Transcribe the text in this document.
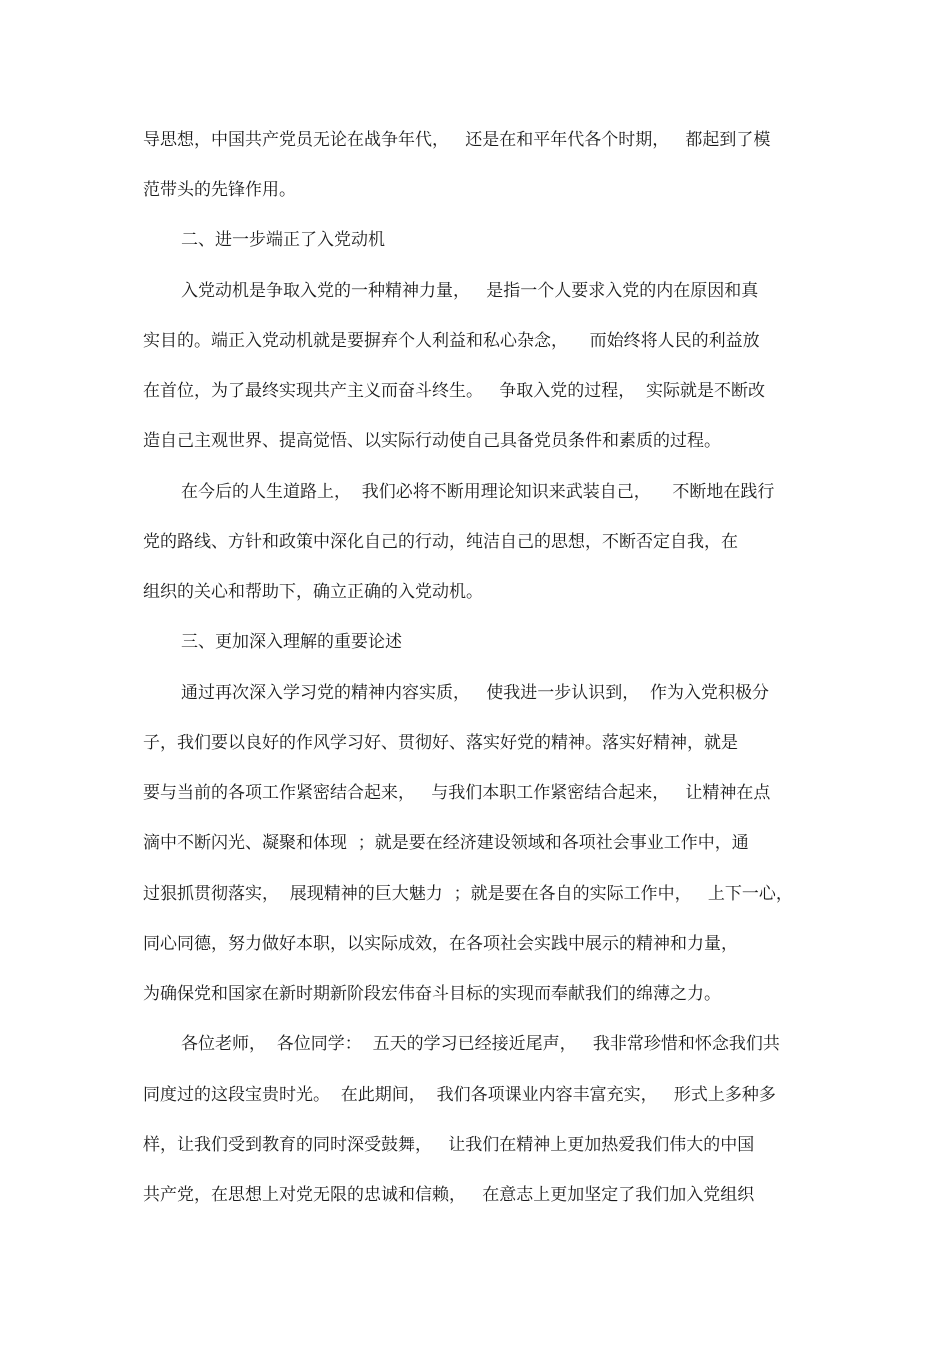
导思想，中国共产党员无论在战争年代，   还是在和平年代各个时期，   都起到了模
范带头的先锋作用。
二、进一步端正了入党动机
入党动机是争取入党的一种精神力量，   是指一个人要求入党的内在原因和真
实目的。端正入党动机就是要摒弃个人利益和私心杂念，    而始终将人民的利益放
在首位，为了最终实现共产主义而奋斗终生。   争取入党的过程，  实际就是不断改
造自己主观世界、提高觉悟、以实际行动使自己具备党员条件和素质的过程。
在今后的人生道路上，  我们必将不断用理论知识来武装自己，    不断地在践行
党的路线、方针和政策中深化自己的行动，纯洁自己的思想，不断否定自我，在
组织的关心和帮助下，确立正确的入党动机。
三、更加深入理解的重要论述
通过再次深入学习党的精神内容实质，   使我进一步认识到，  作为入党积极分
子，我们要以良好的作风学习好、贯彻好、落实好党的精神。落实好精神，就是
要与当前的各项工作紧密结合起来，   与我们本职工作紧密结合起来，   让精神在点
滴中不断闪光、凝聚和体现  ；就是要在经济建设领域和各项社会事业工作中，通
过狠抓贯彻落实，  展现精神的巨大魅力  ；就是要在各自的实际工作中，   上下一心，
同心同德，努力做好本职，以实际成效，在各项社会实践中展示的精神和力量，
为确保党和国家在新时期新阶段宏伟奋斗目标的实现而奉献我们的绵薄之力。
各位老师，  各位同学：  五天的学习已经接近尾声，   我非常珍惜和怀念我们共
同度过的这段宝贵时光。  在此期间，  我们各项课业内容丰富充实，   形式上多种多
样，让我们受到教育的同时深受鼓舞，   让我们在精神上更加热爱我们伟大的中国
共产党，在思想上对党无限的忠诚和信赖，   在意志上更加坚定了我们加入党组织
